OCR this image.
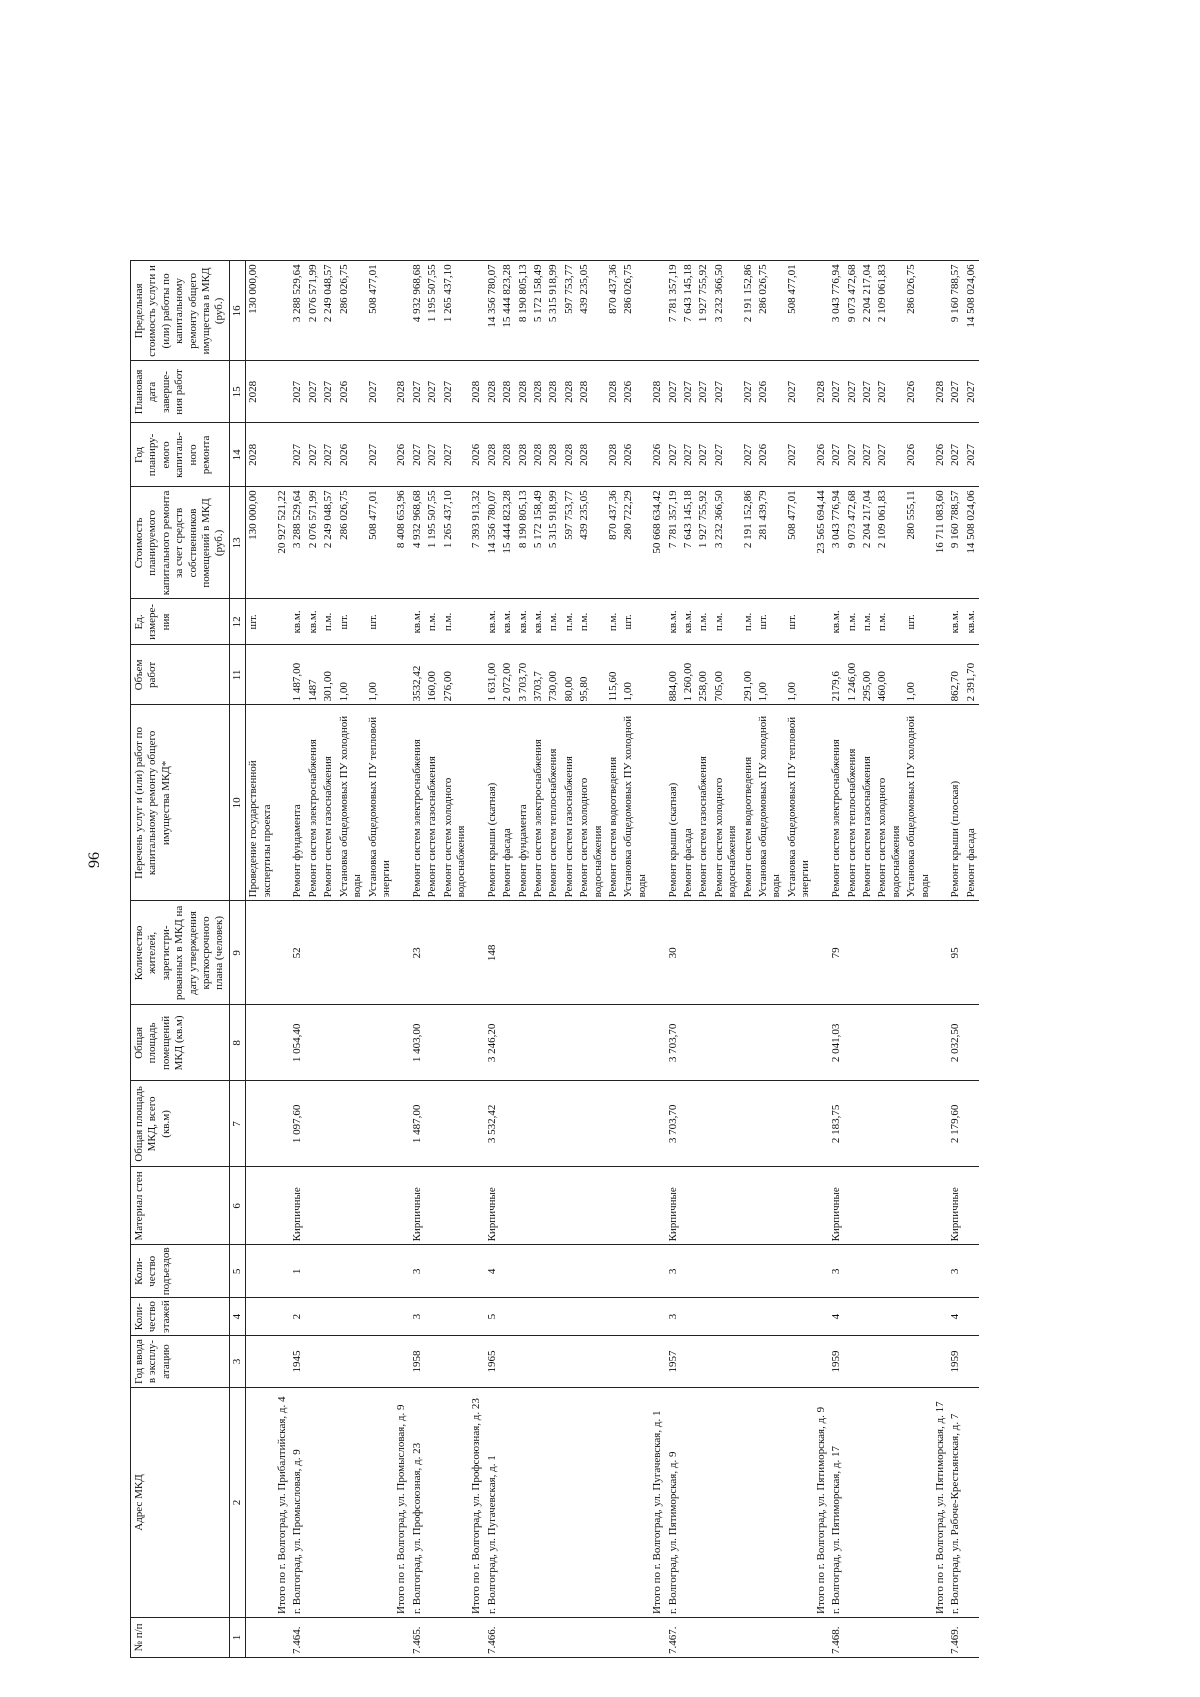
96
№ п/п	Адрес МКД	Год ввода в эксплу-атацию	Коли-чество этажей	Коли-чество подъездов	Материал стен	Общая площадь МКД, всего (кв.м)	Общая площадь помещений МКД (кв.м)	Количество жителей, зарегистри-рованных в МКД на дату утверждения краткосрочного плана (человек)	Перечень услуг и (или) работ по капитальному ремонту общего имущества МКД*	Объем работ	Ед. измере-ния	Стоимость планируемого капитального ремонта за счет средств собственников помещений в МКД (руб.)	Год планиру-емого капиталь-ного ремонта	Плановая дата заверше-ния работ	Предельная стоимость услуги и (или) работы по капитальному ремонту общего имущества в МКД (руб.)
1	2	3	4	5	6	7	8	9	10	11	12	13	14	15	16
									Проведение государственной экспертизы проекта		шт.	130 000,00	2028	2028	130 000,00
	Итого по г. Волгоград, ул. Прибалтийская, д. 4											20 927 521,22			
7.464.	г. Волгоград, ул. Промысловая, д. 9	1945	2	1	Кирпичные	1 097,60	1 054,40	52	Ремонт фундамента	1 487,00	кв.м.	3 288 529,64	2027	2027	3 288 529,64
									Ремонт систем электроснабжения	1487	кв.м.	2 076 571,99	2027	2027	2 076 571,99
									Ремонт систем газоснабжения	301,00	п.м.	2 249 048,57	2027	2027	2 249 048,57
									Установка общедомовых ПУ холодной воды	1,00	шт.	286 026,75	2026	2026	286 026,75
									Установка общедомовых ПУ тепловой энергии	1,00	шт.	508 477,01	2027	2027	508 477,01
	Итого по г. Волгоград, ул. Промысловая, д. 9											8 408 653,96	2026	2028	
7.465.	г. Волгоград, ул. Профсоюзная, д. 23	1958	3	3	Кирпичные	1 487,00	1 403,00	23	Ремонт систем электроснабжения	3532,42	кв.м.	4 932 968,68	2027	2027	4 932 968,68
									Ремонт систем газоснабжения	160,00	п.м.	1 195 507,55	2027	2027	1 195 507,55
									Ремонт систем холодного водоснабжения	276,00	п.м.	1 265 437,10	2027	2027	1 265 437,10
	Итого по г. Волгоград, ул. Профсоюзная, д. 23											7 393 913,32	2026	2028	
7.466.	г. Волгоград, ул. Пугачевская, д. 1	1965	5	4	Кирпичные	3 532,42	3 246,20	148	Ремонт крыши (скатная)	1 631,00	кв.м.	14 356 780,07	2028	2028	14 356 780,07
									Ремонт фасада	2 072,00	кв.м.	15 444 823,28	2028	2028	15 444 823,28
									Ремонт фундамента	3 703,70	кв.м.	8 190 805,13	2028	2028	8 190 805,13
									Ремонт систем электроснабжения	3703,7	кв.м.	5 172 158,49	2028	2028	5 172 158,49
									Ремонт систем теплоснабжения	730,00	п.м.	5 315 918,99	2028	2028	5 315 918,99
									Ремонт систем газоснабжения	80,00	п.м.	597 753,77	2028	2028	597 753,77
									Ремонт систем холодного водоснабжения	95,80	п.м.	439 235,05	2028	2028	439 235,05
									Ремонт систем водоотведения	115,60	п.м.	870 437,36	2028	2028	870 437,36
									Установка общедомовых ПУ холодной воды	1,00	шт.	280 722,29	2026	2026	286 026,75
	Итого по г. Волгоград, ул. Пугачевская, д. 1											50 668 634,42	2026	2028	
7.467.	г. Волгоград, ул. Пятиморская, д. 9	1957	3	3	Кирпичные	3 703,70	3 703,70	30	Ремонт крыши (скатная)	884,00	кв.м.	7 781 357,19	2027	2027	7 781 357,19
									Ремонт фасада	1 260,00	кв.м.	7 643 145,18	2027	2027	7 643 145,18
									Ремонт систем газоснабжения	258,00	п.м.	1 927 755,92	2027	2027	1 927 755,92
									Ремонт систем холодного водоснабжения	705,00	п.м.	3 232 366,50	2027	2027	3 232 366,50
									Ремонт систем водоотведения	291,00	п.м.	2 191 152,86	2027	2027	2 191 152,86
									Установка общедомовых ПУ холодной воды	1,00	шт.	281 439,79	2026	2026	286 026,75
									Установка общедомовых ПУ тепловой энергии	1,00	шт.	508 477,01	2027	2027	508 477,01
	Итого по г. Волгоград, ул. Пятиморская, д. 9											23 565 694,44	2026	2028	
7.468.	г. Волгоград, ул. Пятиморская, д. 17	1959	4	3	Кирпичные	2 183,75	2 041,03	79	Ремонт систем электроснабжения	2179,6	кв.м.	3 043 776,94	2027	2027	3 043 776,94
									Ремонт систем теплоснабжения	1 246,00	п.м.	9 073 472,68	2027	2027	9 073 472,68
									Ремонт систем газоснабжения	295,00	п.м.	2 204 217,04	2027	2027	2 204 217,04
									Ремонт систем холодного водоснабжения	460,00	п.м.	2 109 061,83	2027	2027	2 109 061,83
									Установка общедомовых ПУ холодной воды	1,00	шт.	280 555,11	2026	2026	286 026,75
	Итого по г. Волгоград, ул. Пятиморская, д. 17											16 711 083,60	2026	2028	
7.469.	г. Волгоград, ул. Рабоче-Крестьянская, д. 7	1959	4	3	Кирпичные	2 179,60	2 032,50	95	Ремонт крыши (плоская)	862,70	кв.м.	9 160 788,57	2027	2027	9 160 788,57
									Ремонт фасада	2 391,70	кв.м.	14 508 024,06	2027	2027	14 508 024,06
